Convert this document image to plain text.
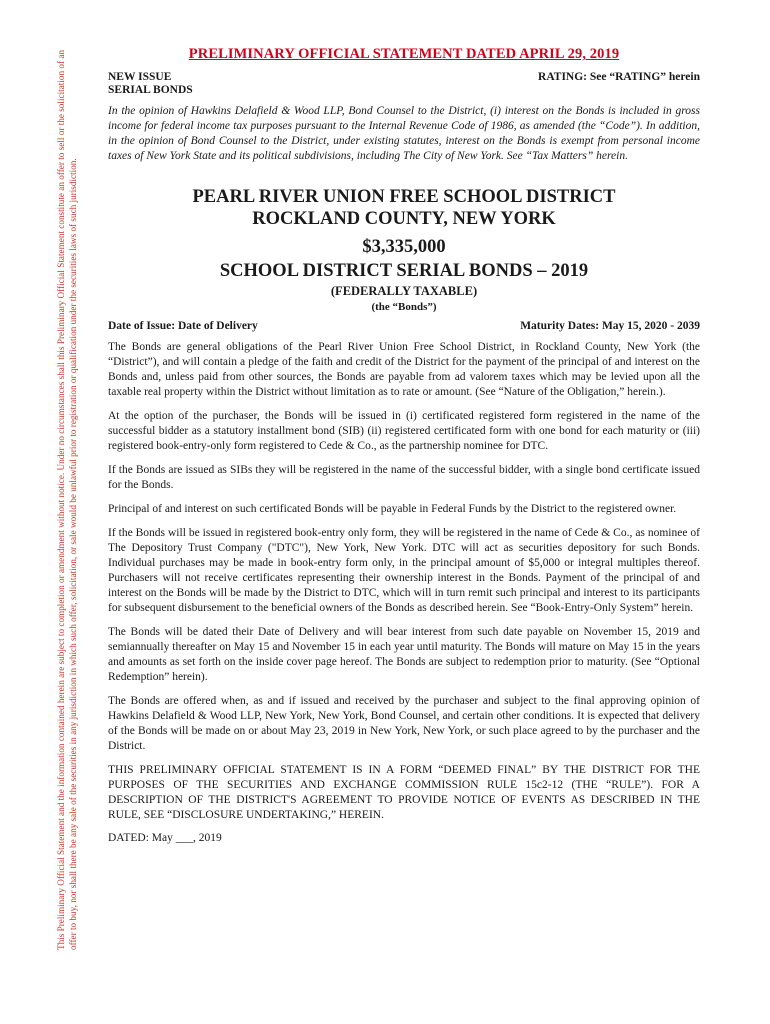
This Preliminary Official Statement and the information contained herein are subject to completion or amendment without notice. Under no circumstances shall this Preliminary Official Statement constitute an offer to sell or the solicitation of an offer to buy, nor shall there be any sale of the securities in any jurisdiction in which such offer, solicitation, or sale would be unlawful prior to registration or qualification under the securities laws of such jurisdiction.
PRELIMINARY OFFICIAL STATEMENT DATED APRIL 29, 2019
NEW ISSUE
SERIAL BONDS
RATING: See “RATING” herein

In the opinion of Hawkins Delafield & Wood LLP, Bond Counsel to the District, (i) interest on the Bonds is included in gross income for federal income tax purposes pursuant to the Internal Revenue Code of 1986, as amended (the “Code”). In addition, in the opinion of Bond Counsel to the District, under existing statutes, interest on the Bonds is exempt from personal income taxes of New York State and its political subdivisions, including The City of New York. See “Tax Matters” herein.

PEARL RIVER UNION FREE SCHOOL DISTRICT
ROCKLAND COUNTY, NEW YORK
$3,335,000
SCHOOL DISTRICT SERIAL BONDS – 2019
(FEDERALLY TAXABLE)
(the “Bonds”)
Date of Issue: Date of Delivery	Maturity Dates: May 15, 2020 - 2039

The Bonds are general obligations of the Pearl River Union Free School District, in Rockland County, New York (the “District”), and will contain a pledge of the faith and credit of the District for the payment of the principal of and interest on the Bonds and, unless paid from other sources, the Bonds are payable from ad valorem taxes which may be levied upon all the taxable real property within the District without limitation as to rate or amount. (See “Nature of the Obligation,” herein.).

At the option of the purchaser, the Bonds will be issued in (i) certificated registered form registered in the name of the successful bidder as a statutory installment bond (SIB) (ii) registered certificated form with one bond for each maturity or (iii) registered book-entry-only form registered to Cede & Co., as the partnership nominee for DTC.

If the Bonds are issued as SIBs they will be registered in the name of the successful bidder, with a single bond certificate issued for the Bonds.

Principal of and interest on such certificated Bonds will be payable in Federal Funds by the District to the registered owner.

If the Bonds will be issued in registered book-entry only form, they will be registered in the name of Cede & Co., as nominee of The Depository Trust Company ("DTC"), New York, New York. DTC will act as securities depository for such Bonds. Individual purchases may be made in book-entry form only, in the principal amount of $5,000 or integral multiples thereof. Purchasers will not receive certificates representing their ownership interest in the Bonds. Payment of the principal of and interest on the Bonds will be made by the District to DTC, which will in turn remit such principal and interest to its participants for subsequent disbursement to the beneficial owners of the Bonds as described herein. See “Book-Entry-Only System” herein.

The Bonds will be dated their Date of Delivery and will bear interest from such date payable on November 15, 2019 and semiannually thereafter on May 15 and November 15 in each year until maturity. The Bonds will mature on May 15 in the years and amounts as set forth on the inside cover page hereof. The Bonds are subject to redemption prior to maturity. (See “Optional Redemption” herein).

The Bonds are offered when, as and if issued and received by the purchaser and subject to the final approving opinion of Hawkins Delafield & Wood LLP, New York, New York, Bond Counsel, and certain other conditions. It is expected that delivery of the Bonds will be made on or about May 23, 2019 in New York, New York, or such place agreed to by the purchaser and the District.

THIS PRELIMINARY OFFICIAL STATEMENT IS IN A FORM “DEEMED FINAL” BY THE DISTRICT FOR THE PURPOSES OF THE SECURITIES AND EXCHANGE COMMISSION RULE 15c2-12 (THE “RULE”). FOR A DESCRIPTION OF THE DISTRICT'S AGREEMENT TO PROVIDE NOTICE OF EVENTS AS DESCRIBED IN THE RULE, SEE “DISCLOSURE UNDERTAKING,” HEREIN.

DATED: May ___, 2019
